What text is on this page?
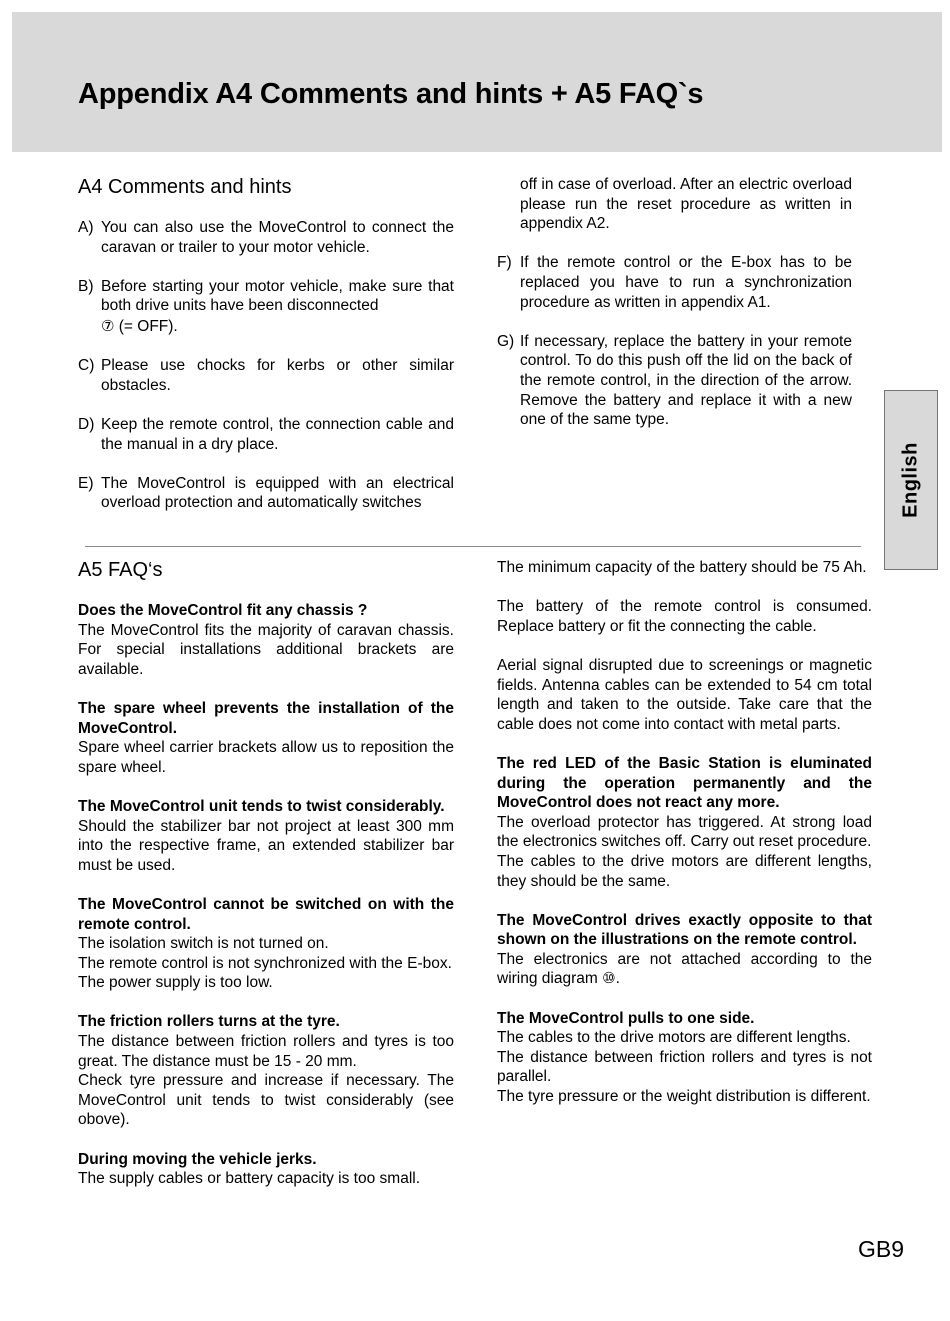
Appendix A4 Comments and hints + A5 FAQ`s
A4 Comments and hints
A) You can also use the MoveControl to connect the caravan or trailer to your motor vehicle.
B) Before starting your motor vehicle, make sure that both drive units have been disconnected
⑦ (= OFF).
C) Please use chocks for kerbs or other similar obstacles.
D) Keep the remote control, the connection cable and the manual in a dry place.
E) The MoveControl is equipped with an electrical overload protection and automatically switches
off in case of overload. After an electric overload please run the reset procedure as written in appendix A2.
F) If the remote control or the E-box has to be replaced you have to run a synchronization procedure as written in appendix A1.
G) If necessary, replace the battery in your remote control. To do this push off the lid on the back of the remote control, in the direction of the arrow. Remove the battery and replace it with a new one of the same type.
English
A5 FAQ‘s

Does the MoveControl fit any chassis ?

The MoveControl fits the majority of caravan chassis. For special installations additional brackets are available.

The spare wheel prevents the installation of the MoveControl.

Spare wheel carrier brackets allow us to reposition the spare wheel.

The MoveControl unit tends to twist considerably.

Should the stabilizer bar not project at least 300 mm into the respective frame, an extended stabilizer bar must be used.

The MoveControl cannot be switched on with the remote control.

The isolation switch is not turned on.

The remote control is not synchronized with the E-box.

The power supply is too low.

The friction rollers turns at the tyre.

The distance between friction rollers and tyres is too great. The distance must be 15 - 20 mm.

Check tyre pressure and increase if necessary. The MoveControl unit tends to twist considerably (see obove).

During moving the vehicle jerks.

The supply cables or battery capacity is too small.

The minimum capacity of the battery should be 75 Ah.

The battery of the remote control is consumed. Replace battery or fit the connecting the cable.

Aerial signal disrupted due to screenings or magnetic fields. Antenna cables can be extended to 54 cm total length and taken to the outside. Take care that the cable does not come into contact with metal parts.

The red LED of the Basic Station is eluminated during the operation permanently and the MoveControl does not react any more.

The overload protector has triggered. At strong load the electronics switches off. Carry out reset procedure.

The cables to the drive motors are different lengths, they should be the same.

The MoveControl drives exactly opposite to that shown on the illustrations on the remote control.

The electronics are not attached according to the wiring diagram ⑩.

The MoveControl pulls to one side.

The cables to the drive motors are different lengths.

The distance between friction rollers and tyres is not parallel.

The tyre pressure or the weight distribution is different.

GB9
